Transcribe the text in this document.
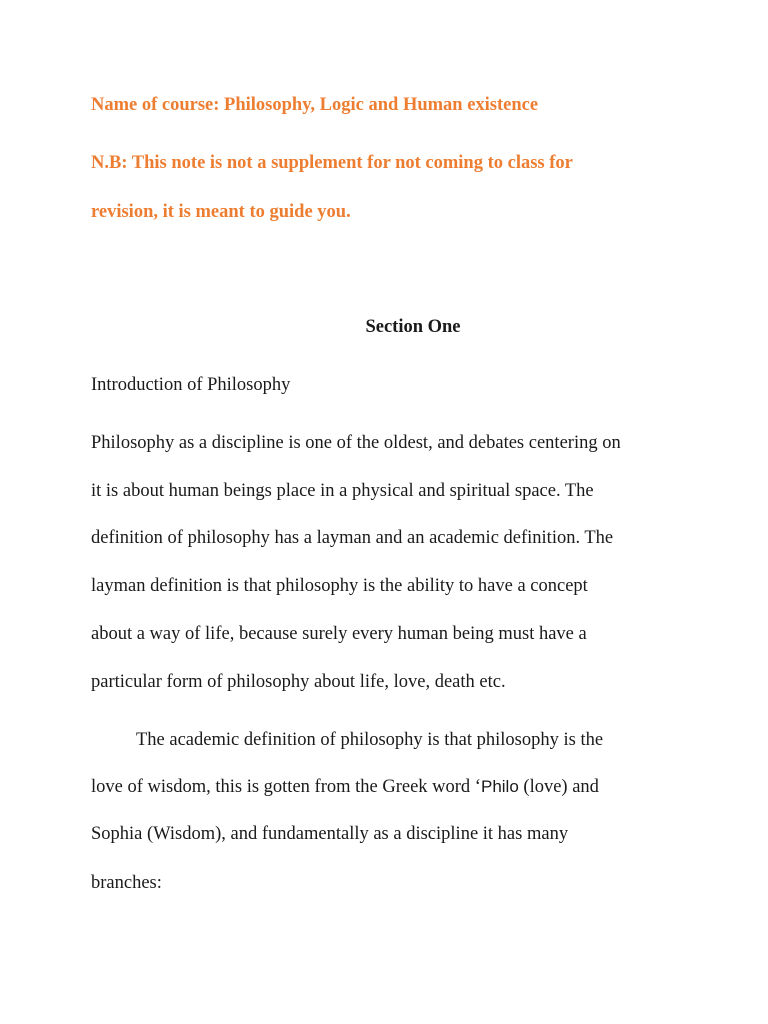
Name of course: Philosophy, Logic and Human existence

N.B: This note is not a supplement for not coming to class for

revision, it is meant to guide you.

Section One

Introduction of Philosophy

Philosophy as a discipline is one of the oldest, and debates centering on

it is about human beings place in a physical and spiritual space. The

definition of philosophy has a layman and an academic definition. The

layman definition is that philosophy is the ability to have a concept

about a way of life, because surely every human being must have a

particular form of philosophy about life, love, death etc.

The academic definition of philosophy is that philosophy is the

love of wisdom, this is gotten from the Greek word ‘Philo (love) and

Sophia (Wisdom), and fundamentally as a discipline it has many

branches:
